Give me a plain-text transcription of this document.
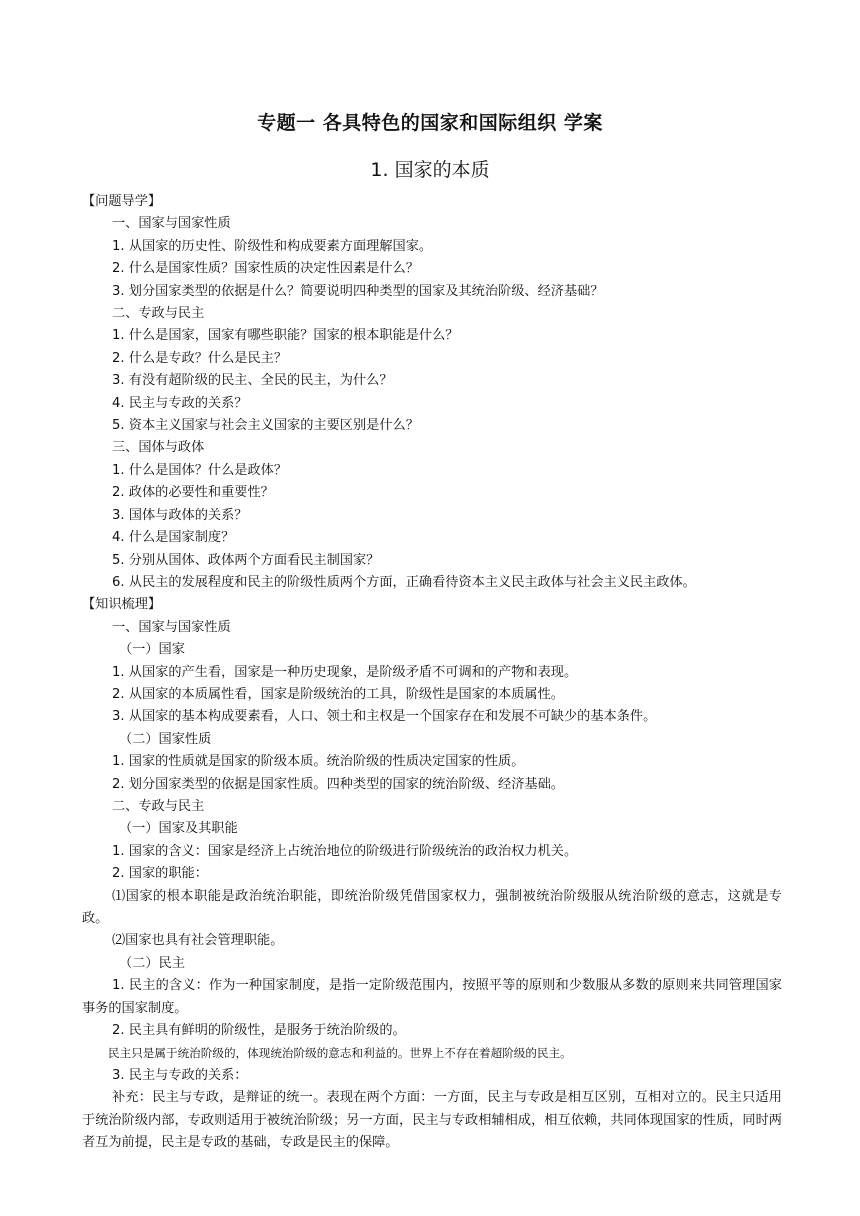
专题一 各具特色的国家和国际组织 学案
1. 国家的本质
【问题导学】
一、国家与国家性质
1. 从国家的历史性、阶级性和构成要素方面理解国家。
2. 什么是国家性质？国家性质的决定性因素是什么？
3. 划分国家类型的依据是什么？简要说明四种类型的国家及其统治阶级、经济基础？
二、专政与民主
1. 什么是国家，国家有哪些职能？国家的根本职能是什么？
2. 什么是专政？什么是民主？
3. 有没有超阶级的民主、全民的民主，为什么？
4. 民主与专政的关系？
5. 资本主义国家与社会主义国家的主要区别是什么？
三、国体与政体
1. 什么是国体？什么是政体？
2. 政体的必要性和重要性？
3. 国体与政体的关系？
4. 什么是国家制度？
5. 分别从国体、政体两个方面看民主制国家？
6. 从民主的发展程度和民主的阶级性质两个方面，正确看待资本主义民主政体与社会主义民主政体。
【知识梳理】
一、国家与国家性质
（一）国家
1. 从国家的产生看，国家是一种历史现象，是阶级矛盾不可调和的产物和表现。
2. 从国家的本质属性看，国家是阶级统治的工具，阶级性是国家的本质属性。
3. 从国家的基本构成要素看，人口、领土和主权是一个国家存在和发展不可缺少的基本条件。
（二）国家性质
1. 国家的性质就是国家的阶级本质。统治阶级的性质决定国家的性质。
2. 划分国家类型的依据是国家性质。四种类型的国家的统治阶级、经济基础。
二、专政与民主
（一）国家及其职能
1. 国家的含义：国家是经济上占统治地位的阶级进行阶级统治的政治权力机关。
2. 国家的职能：
⑴国家的根本职能是政治统治职能，即统治阶级凭借国家权力，强制被统治阶级服从统治阶级的意志，这就是专政。
⑵国家也具有社会管理职能。
（二）民主
1. 民主的含义：作为一种国家制度，是指一定阶级范围内，按照平等的原则和少数服从多数的原则来共同管理国家事务的国家制度。
2. 民主具有鲜明的阶级性，是服务于统治阶级的。
民主只是属于统治阶级的，体现统治阶级的意志和利益的。世界上不存在着超阶级的民主。
3. 民主与专政的关系：
补充：民主与专政，是辩证的统一。表现在两个方面：一方面，民主与专政是相互区别，互相对立的。民主只适用于统治阶级内部，专政则适用于被统治阶级；另一方面，民主与专政相辅相成，相互依赖，共同体现国家的性质，同时两者互为前提，民主是专政的基础，专政是民主的保障。
